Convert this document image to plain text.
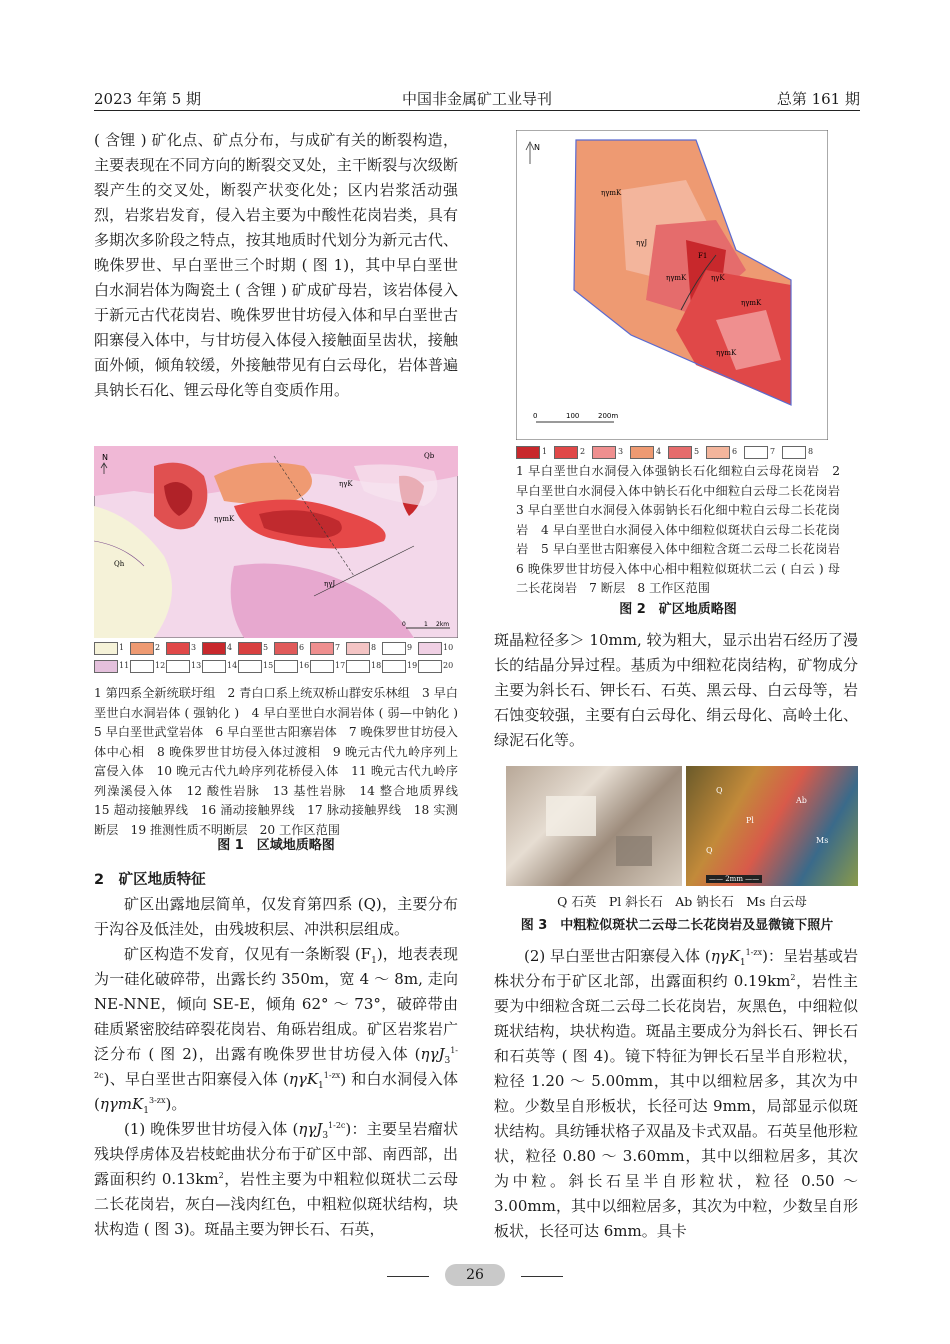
2023 年第 5 期	中国非金属矿工业导刊	总第 161 期

( 含锂 ) 矿化点、矿点分布，与成矿有关的断裂构造，主要表现在不同方向的断裂交叉处，主干断裂与次级断裂产生的交叉处，断裂产状变化处；区内岩浆活动强烈，岩浆岩发育，侵入岩主要为中酸性花岗岩类，具有多期次多阶段之特点，按其地质时代划分为新元古代、晚侏罗世、早白垩世三个时期 ( 图 1)，其中早白垩世白水洞岩体为陶瓷土 ( 含锂 ) 矿成矿母岩，该岩体侵入于新元古代花岗岩、晚侏罗世甘坊侵入体和早白垩世古阳寨侵入体中，与甘坊侵入体侵入接触面呈齿状，接触面外倾，倾角较缓，外接触带见有白云母化，岩体普遍具钠长石化、锂云母化等自变质作用。

N
Qh
ηγK
ηγJ
ηγmK
Qb
0	1 2km
1	2	3	4	5	6	7	8	9	10
11	12	13	14	15	16	17	18	19	20
1 第四系全新统联圩组　2 青白口系上统双桥山群安乐林组　3 早白垩世白水洞岩体 ( 强钠化 )　4 早白垩世白水洞岩体 ( 弱—中钠化 )　5 早白垩世武堂岩体　6 早白垩世古阳寨岩体　7 晚侏罗世甘坊侵入体中心相　8 晚侏罗世甘坊侵入体过渡相　9 晚元古代九岭序列上富侵入体　10 晚元古代九岭序列花桥侵入体　11 晚元古代九岭序列澡溪侵入体　12 酸性岩脉　13 基性岩脉　14 整合地质界线　15 超动接触界线　16 涌动接触界线　17 脉动接触界线　18 实测断层　19 推测性质不明断层　20 工作区范围
图 1　区域地质略图
2　矿区地质特征

矿区出露地层简单，仅发育第四系 (Q)，主要分布于沟谷及低洼处，由残坡积层、冲洪积层组成。

矿区构造不发育，仅见有一条断裂 $(F_1)$，地表表现为一硅化破碎带，出露长约 350m，宽 4 ～ 8m, 走向 NE-NNE，倾向 SE-E，倾角 62° ～ 73°，破碎带由硅质紧密胶结碎裂花岗岩、角砾岩组成。矿区岩浆岩广泛分布 ( 图 2)，出露有晚侏罗世甘坊侵入体 (ηγJ$_3^{1-2c}$)、早白垩世古阳寨侵入体 (ηγK$_1^{1-zx}$) 和白水洞侵入体 (ηγmK$_1^{3-zx}$)。

(1) 晚侏罗世甘坊侵入体 (ηγJ$_3^{1-2c}$)：主要呈岩瘤状残块俘虏体及岩枝蛇曲状分布于矿区中部、南西部，出露面积约 $0.13km^2$，岩性主要为中粗粒似斑状二云母二长花岗岩，灰白—浅肉红色，中粗粒似斑状结构，块状构造 ( 图 3)。斑晶主要为钾长石、石英，

N
ηγmK
ηγJ
ηγmK	ηγK
ηγmK
ηγmK
F1
0	100	200m
1	2	3	4	5	6	7	8
1 早白垩世白水洞侵入体强钠长石化细粒白云母花岗岩　2 早白垩世白水洞侵入体中钠长石化中细粒白云母二长花岗岩　3 早白垩世白水洞侵入体弱钠长石化细中粒白云母二长花岗岩　4 早白垩世白水洞侵入体中细粒似斑状白云母二长花岗岩　5 早白垩世古阳寨侵入体中细粒含斑二云母二长花岗岩　6 晚侏罗世甘坊侵入体中心相中粗粒似斑状二云 ( 白云 ) 母二长花岗岩　7 断层　8 工作区范围
图 2　矿区地质略图

斑晶粒径多＞ 10mm, 较为粗大，显示出岩石经历了漫长的结晶分异过程。基质为中细粒花岗结构，矿物成分主要为斜长石、钾长石、石英、黑云母、白云母等，岩石蚀变较强，主要有白云母化、绢云母化、高岭土化、绿泥石化等。

Q
Pl
Ab
Ms
Q
—— 2mm ——
Q 石英　Pl 斜长石　Ab 钠长石　Ms 白云母
图 3　中粗粒似斑状二云母二长花岗岩及显微镜下照片

(2) 早白垩世古阳寨侵入体 (ηγK$_1^{1-zx}$)：呈岩基或岩株状分布于矿区北部，出露面积约 $0.19km^2$，岩性主要为中细粒含斑二云母二长花岗岩，灰黑色，中细粒似斑状结构，块状构造。斑晶主要成分为斜长石、钾长石和石英等 ( 图 4)。镜下特征为钾长石呈半自形粒状，粒径 1.20 ～ 5.00mm，其中以细粒居多，其次为中粒。少数呈自形板状，长径可达 9mm，局部显示似斑状结构。具纺锤状格子双晶及卡式双晶。石英呈他形粒状，粒径 0.80 ～ 3.60mm，其中以细粒居多，其次为中粒。斜长石呈半自形粒状，粒径 0.50 ～ 3.00mm，其中以细粒居多，其次为中粒，少数呈自形板状，长径可达 6mm。具卡

26
